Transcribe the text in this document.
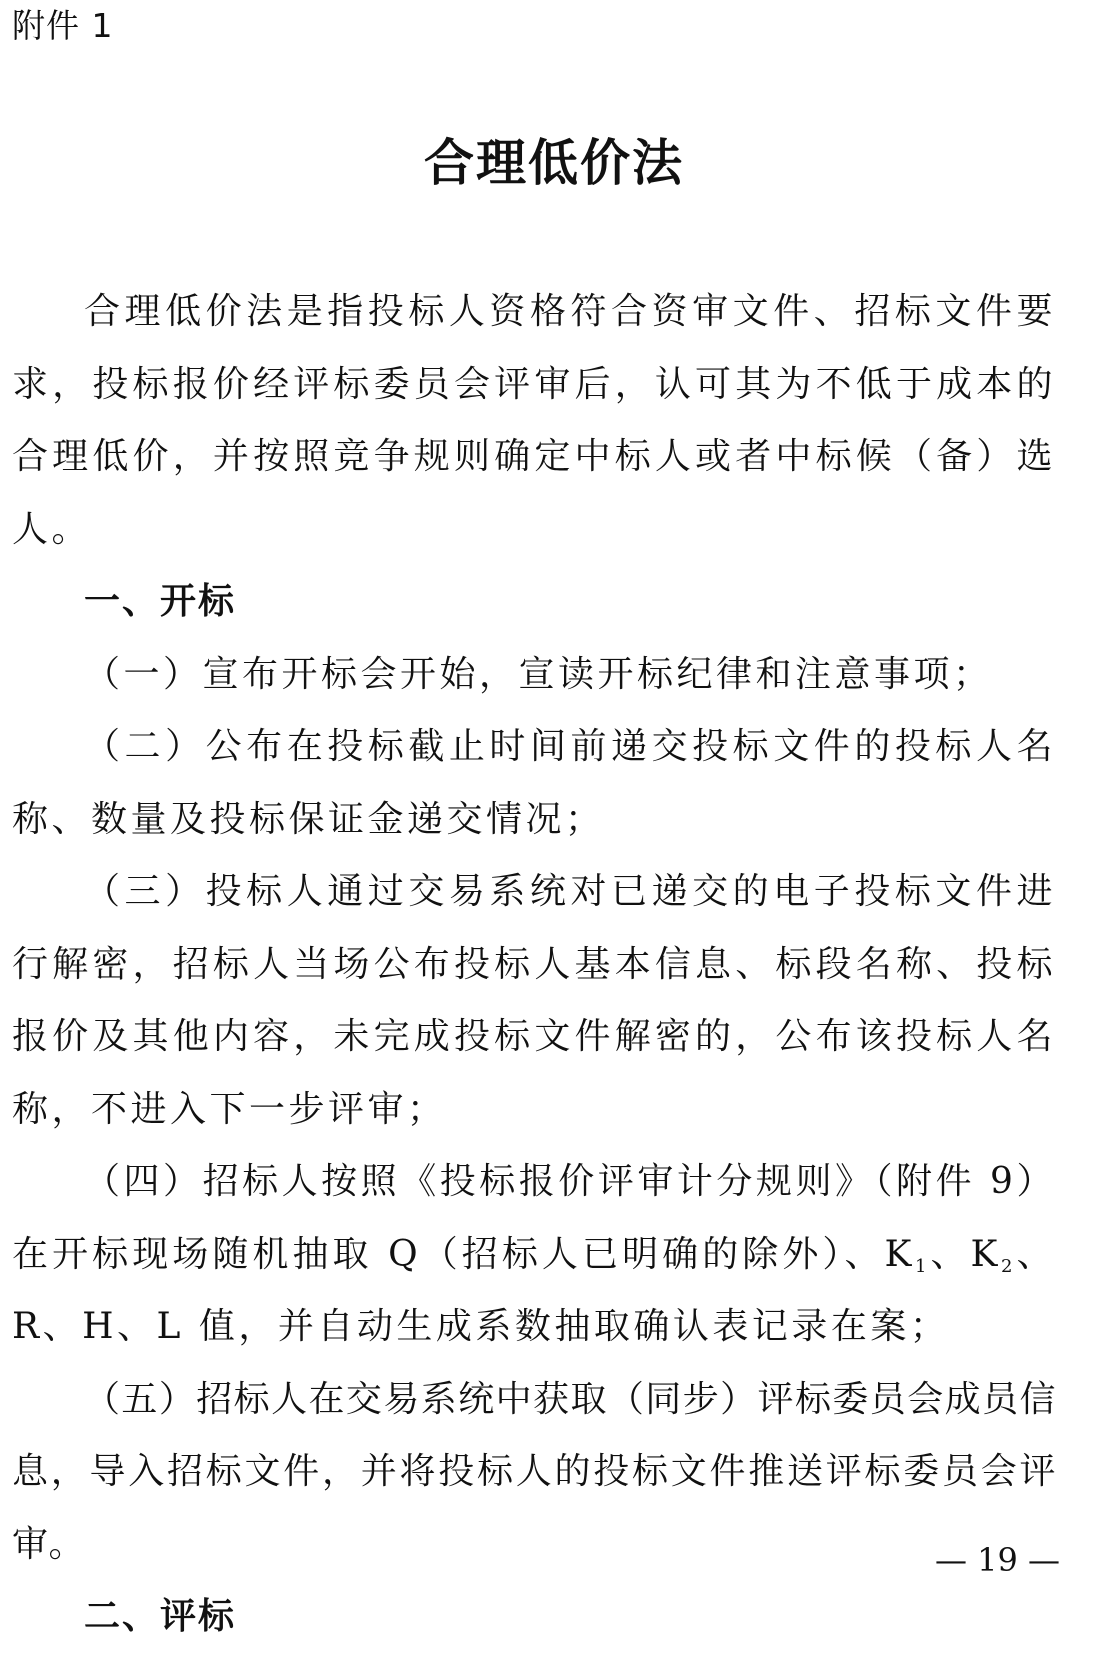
附件 1
合理低价法

合理低价法是指投标人资格符合资审文件、招标文件要求，投标报价经评标委员会评审后，认可其为不低于成本的合理低价，并按照竞争规则确定中标人或者中标候（备）选人。

一、开标

（一）宣布开标会开始，宣读开标纪律和注意事项；

（二）公布在投标截止时间前递交投标文件的投标人名称、数量及投标保证金递交情况；

（三）投标人通过交易系统对已递交的电子投标文件进行解密，招标人当场公布投标人基本信息、标段名称、投标报价及其他内容，未完成投标文件解密的，公布该投标人名称，不进入下一步评审；

（四）招标人按照《投标报价评审计分规则》（附件 9）在开标现场随机抽取 Q（招标人已明确的除外）、$K_1$、$K_2$、R、H、L 值，并自动生成系数抽取确认表记录在案；

（五）招标人在交易系统中获取（同步）评标委员会成员信息，导入招标文件，并将投标人的投标文件推送评标委员会评审。

二、评标

— 19 —
